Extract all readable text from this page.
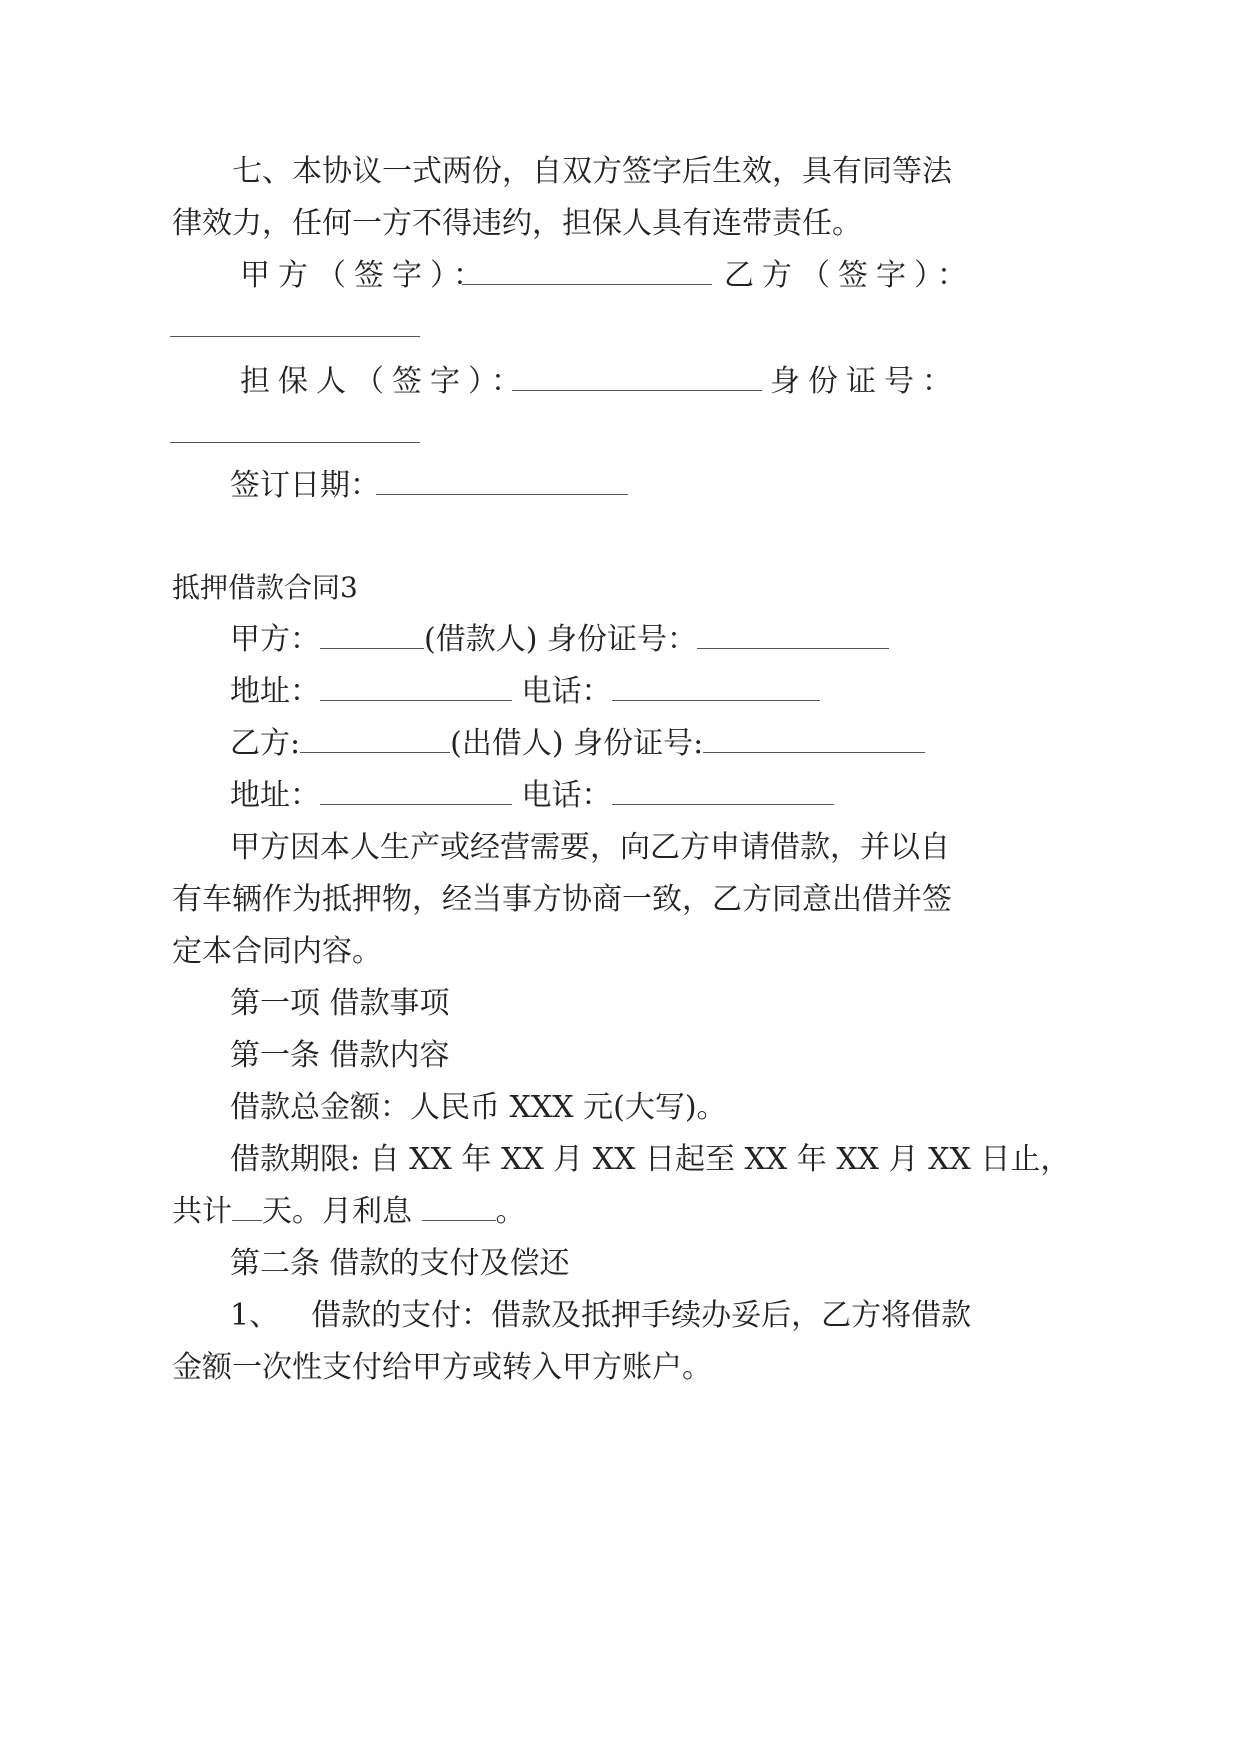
七、本协议一式两份，自双方签字后生效，具有同等法
律效力，任何一方不得违约，担保人具有连带责任。
甲方（签字）：	乙方（签字）：
担保人（签字）：	身份证号：
签订日期：
抵押借款合同3
甲方：	(借款人) 身份证号：
地址：	电话：
乙方:	(出借人) 身份证号:
地址：	电话：
甲方因本人生产或经营需要，向乙方申请借款，并以自
有车辆作为抵押物，经当事方协商一致，乙方同意出借并签
定本合同内容。
第一项 借款事项
第一条 借款内容
借款总金额：人民币 XXX 元(大写)。
借款期限: 自 XX 年 XX 月 XX 日起至 XX 年 XX 月 XX 日止，
共计 天。月利息	。
第二条 借款的支付及偿还
1、 借款的支付：借款及抵押手续办妥后，乙方将借款
金额一次性支付给甲方或转入甲方账户。
